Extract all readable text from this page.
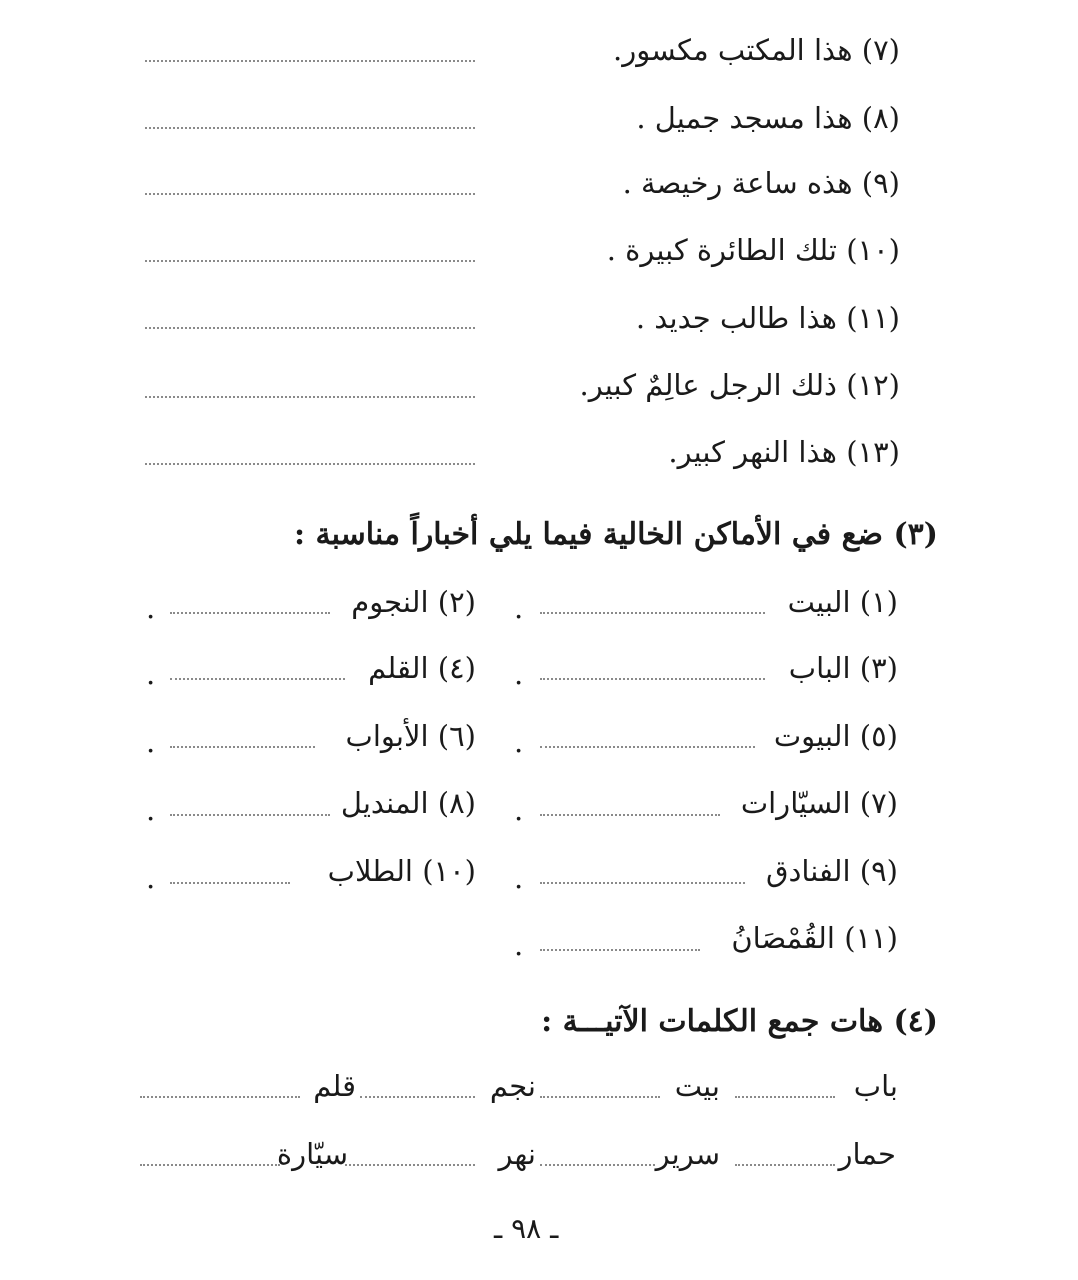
(٧) هذا المكتب مكسور.
(٨) هذا مسجد جميل .
(٩) هذه ساعة رخيصة .
(١٠) تلك الطائرة كبيرة .
(١١) هذا طالب جديد .
(١٢) ذلك الرجل عالِمٌ كبير.
(١٣) هذا النهر كبير.
(٣) ضع في الأماكن الخالية فيما يلي أخباراً مناسبة :
(١) البيت
.
(٣) الباب
.
(٥) البيوت
.
(٧) السيّارات
.
(٩) الفنادق
.
(١١) القُمْصَانُ
.
(٢) النجوم
.
(٤) القلم
.
(٦) الأبواب
.
(٨) المنديل
.
(١٠) الطلاب
.
(٤) هات جمع الكلمات الآتيـــة :
باب
بيت
نجم
قلم
حمار
سرير
نهر
سيّارة
ـ ٩٨ ـ
